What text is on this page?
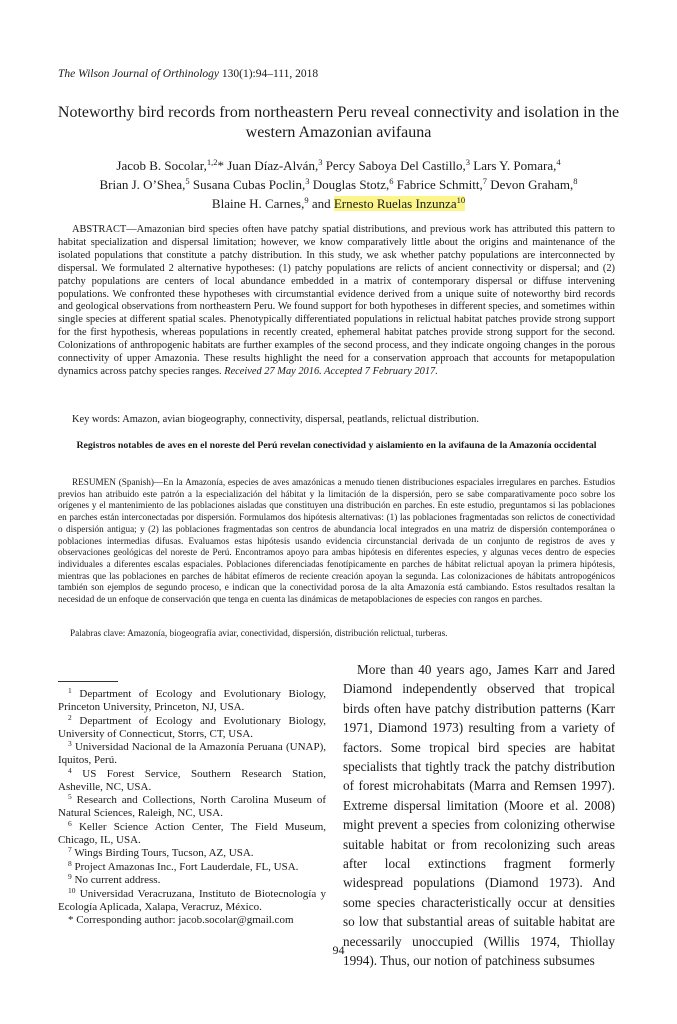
The Wilson Journal of Orthinology 130(1):94–111, 2018
Noteworthy bird records from northeastern Peru reveal connectivity and isolation in the western Amazonian avifauna
Jacob B. Socolar,$^{1,2}$* Juan Díaz-Alván,$^3$ Percy Saboya Del Castillo,$^3$ Lars Y. Pomara,$^4$
Brian J. O’Shea,$^5$ Susana Cubas Poclin,$^3$ Douglas Stotz,$^6$ Fabrice Schmitt,$^7$ Devon Graham,$^8$
Blaine H. Carnes,$^9$ and Ernesto Ruelas Inzunza$^{10}$
ABSTRACT—Amazonian bird species often have patchy spatial distributions, and previous work has attributed this pattern to habitat specialization and dispersal limitation; however, we know comparatively little about the origins and maintenance of the isolated populations that constitute a patchy distribution. In this study, we ask whether patchy populations are interconnected by dispersal. We formulated 2 alternative hypotheses: (1) patchy populations are relicts of ancient connectivity or dispersal; and (2) patchy populations are centers of local abundance embedded in a matrix of contemporary dispersal or diffuse intervening populations. We confronted these hypotheses with circumstantial evidence derived from a unique suite of noteworthy bird records and geological observations from northeastern Peru. We found support for both hypotheses in different species, and sometimes within single species at different spatial scales. Phenotypically differentiated populations in relictual habitat patches provide strong support for the first hypothesis, whereas populations in recently created, ephemeral habitat patches provide strong support for the second. Colonizations of anthropogenic habitats are further examples of the second process, and they indicate ongoing changes in the porous connectivity of upper Amazonia. These results highlight the need for a conservation approach that accounts for metapopulation dynamics across patchy species ranges. Received 27 May 2016. Accepted 7 February 2017.
Key words: Amazon, avian biogeography, connectivity, dispersal, peatlands, relictual distribution.
Registros notables de aves en el noreste del Perú revelan conectividad y aislamiento en la avifauna de la Amazonía occidental
RESUMEN (Spanish)—En la Amazonía, especies de aves amazónicas a menudo tienen distribuciones espaciales irregulares en parches. Estudios previos han atribuido este patrón a la especialización del hábitat y la limitación de la dispersión, pero se sabe comparativamente poco sobre los orígenes y el mantenimiento de las poblaciones aisladas que constituyen una distribución en parches. En este estudio, preguntamos si las poblaciones en parches están interconectadas por dispersión. Formulamos dos hipótesis alternativas: (1) las poblaciones fragmentadas son relictos de conectividad o dispersión antigua; y (2) las poblaciones fragmentadas son centros de abundancia local integrados en una matriz de dispersión contemporánea o poblaciones intermedias difusas. Evaluamos estas hipótesis usando evidencia circunstancial derivada de un conjunto de registros de aves y observaciones geológicas del noreste de Perú. Encontramos apoyo para ambas hipótesis en diferentes especies, y algunas veces dentro de especies individuales a diferentes escalas espaciales. Poblaciones diferenciadas fenotípicamente en parches de hábitat relictual apoyan la primera hipótesis, mientras que las poblaciones en parches de hábitat efímeros de reciente creación apoyan la segunda. Las colonizaciones de hábitats antropogénicos también son ejemplos de segundo proceso, e indican que la conectividad porosa de la alta Amazonía está cambiando. Estos resultados resaltan la necesidad de un enfoque de conservación que tenga en cuenta las dinámicas de metapoblaciones de especies con rangos en parches.
Palabras clave: Amazonía, biogeografía aviar, conectividad, dispersión, distribución relictual, turberas.
$^1$ Department of Ecology and Evolutionary Biology, Princeton University, Princeton, NJ, USA.
$^2$ Department of Ecology and Evolutionary Biology, University of Connecticut, Storrs, CT, USA.
$^3$ Universidad Nacional de la Amazonía Peruana (UNAP), Iquitos, Perú.
$^4$ US Forest Service, Southern Research Station, Asheville, NC, USA.
$^5$ Research and Collections, North Carolina Museum of Natural Sciences, Raleigh, NC, USA.
$^6$ Keller Science Action Center, The Field Museum, Chicago, IL, USA.
$^7$ Wings Birding Tours, Tucson, AZ, USA.
$^8$ Project Amazonas Inc., Fort Lauderdale, FL, USA.
$^9$ No current address.
$^{10}$ Universidad Veracruzana, Instituto de Biotecnología y Ecología Aplicada, Xalapa, Veracruz, México.
* Corresponding author: jacob.socolar@gmail.com
More than 40 years ago, James Karr and Jared Diamond independently observed that tropical birds often have patchy distribution patterns (Karr 1971, Diamond 1973) resulting from a variety of factors. Some tropical bird species are habitat specialists that tightly track the patchy distribution of forest microhabitats (Marra and Remsen 1997). Extreme dispersal limitation (Moore et al. 2008) might prevent a species from colonizing otherwise suitable habitat or from recolonizing such areas after local extinctions fragment formerly widespread populations (Diamond 1973). And some species characteristically occur at densities so low that substantial areas of suitable habitat are necessarily unoccupied (Willis 1974, Thiollay 1994). Thus, our notion of patchiness subsumes
94
